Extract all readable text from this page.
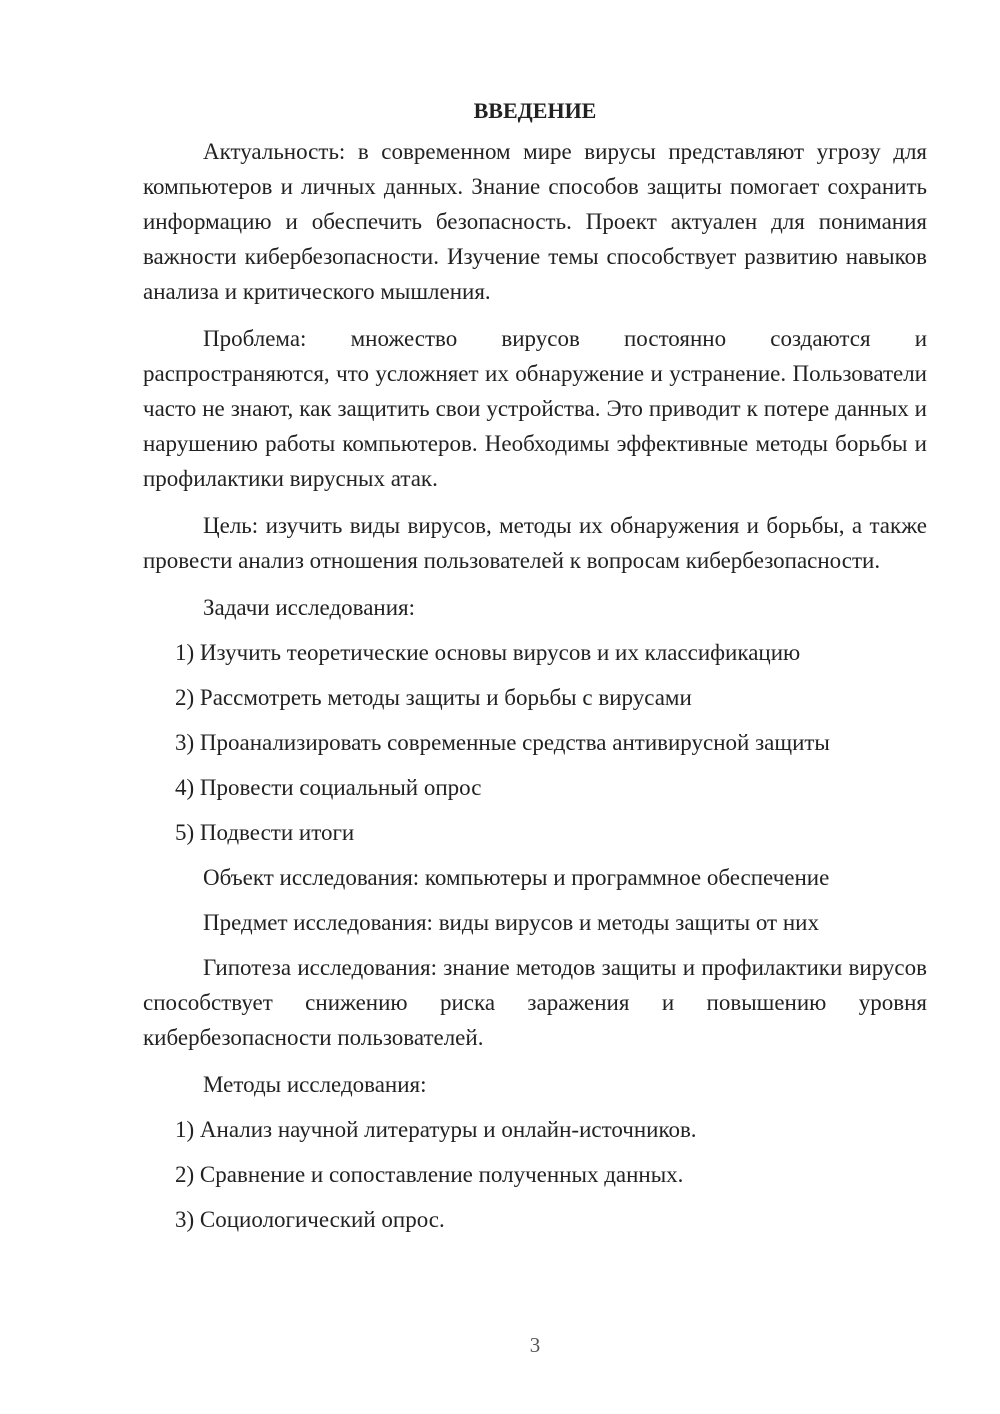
ВВЕДЕНИЕ

Актуальность: в современном мире вирусы представляют угрозу для компьютеров и личных данных. Знание способов защиты помогает сохранить информацию и обеспечить безопасность. Проект актуален для понимания важности кибербезопасности. Изучение темы способствует развитию навыков анализа и критического мышления.

Проблема: множество вирусов постоянно создаются и распространяются, что усложняет их обнаружение и устранение. Пользователи часто не знают, как защитить свои устройства. Это приводит к потере данных и нарушению работы компьютеров. Необходимы эффективные методы борьбы и профилактики вирусных атак.

Цель: изучить виды вирусов, методы их обнаружения и борьбы, а также провести анализ отношения пользователей к вопросам кибербезопасности.

Задачи исследования:
1) Изучить теоретические основы вирусов и их классификацию
2) Рассмотреть методы защиты и борьбы с вирусами
3) Проанализировать современные средства антивирусной защиты
4) Провести социальный опрос
5) Подвести итоги
Объект исследования: компьютеры и программное обеспечение
Предмет исследования: виды вирусов и методы защиты от них

Гипотеза исследования: знание методов защиты и профилактики вирусов способствует снижению риска заражения и повышению уровня кибербезопасности пользователей.

Методы исследования:
1) Анализ научной литературы и онлайн-источников.
2) Сравнение и сопоставление полученных данных.
3) Социологический опрос.
3
